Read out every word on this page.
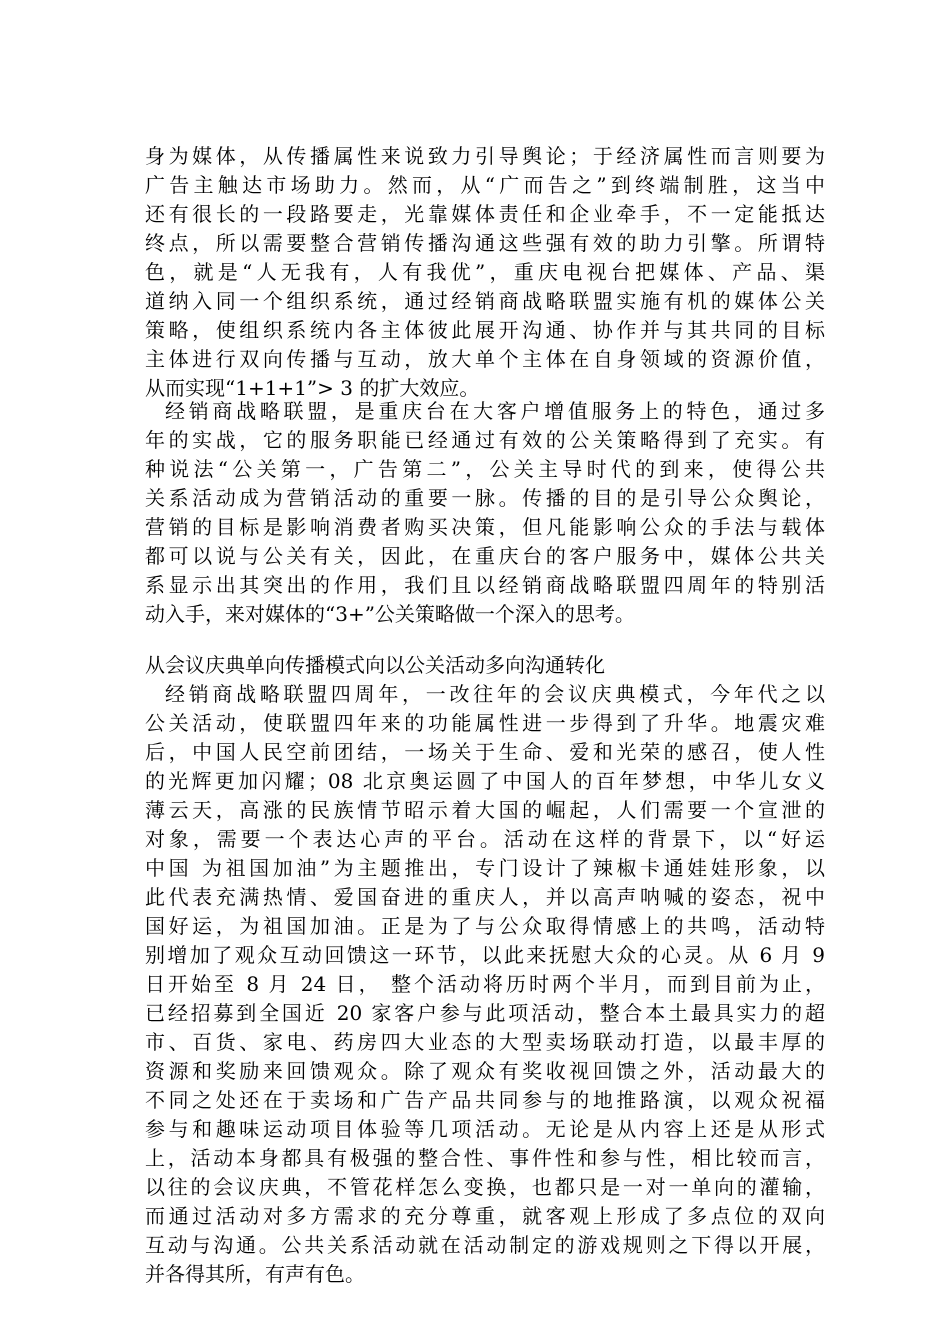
身为媒体，从传播属性来说致力引导舆论；于经济属性而言则要为
广告主触达市场助力。然而，从“广而告之”到终端制胜，这当中
还有很长的一段路要走，光靠媒体责任和企业牵手，不一定能抵达
终点，所以需要整合营销传播沟通这些强有效的助力引擎。所谓特
色，就是“人无我有，人有我优”，重庆电视台把媒体、产品、渠
道纳入同一个组织系统，通过经销商战略联盟实施有机的媒体公关
策略，使组织系统内各主体彼此展开沟通、协作并与其共同的目标
主体进行双向传播与互动，放大单个主体在自身领域的资源价值，
从而实现“1+1+1”> 3 的扩大效应。
经销商战略联盟，是重庆台在大客户增值服务上的特色，通过多
年的实战，它的服务职能已经通过有效的公关策略得到了充实。有
种说法“公关第一，广告第二”，公关主导时代的到来，使得公共
关系活动成为营销活动的重要一脉。传播的目的是引导公众舆论，
营销的目标是影响消费者购买决策，但凡能影响公众的手法与载体
都可以说与公关有关，因此，在重庆台的客户服务中，媒体公共关
系显示出其突出的作用，我们且以经销商战略联盟四周年的特别活
动入手，来对媒体的“3+”公关策略做一个深入的思考。
从会议庆典单向传播模式向以公关活动多向沟通转化
经销商战略联盟四周年，一改往年的会议庆典模式，今年代之以
公关活动，使联盟四年来的功能属性进一步得到了升华。地震灾难
后，中国人民空前团结，一场关于生命、爱和光荣的感召，使人性
的光辉更加闪耀；08 北京奥运圆了中国人的百年梦想，中华儿女义
薄云天，高涨的民族情节昭示着大国的崛起，人们需要一个宣泄的
对象，需要一个表达心声的平台。活动在这样的背景下，以“好运
中国 为祖国加油”为主题推出，专门设计了辣椒卡通娃娃形象，以
此代表充满热情、爱国奋进的重庆人，并以高声呐喊的姿态，祝中
国好运，为祖国加油。正是为了与公众取得情感上的共鸣，活动特
别增加了观众互动回馈这一环节，以此来抚慰大众的心灵。从 6 月 9
日开始至 8 月 24 日， 整个活动将历时两个半月，而到目前为止，
已经招募到全国近 20 家客户参与此项活动，整合本土最具实力的超
市、百货、家电、药房四大业态的大型卖场联动打造，以最丰厚的
资源和奖励来回馈观众。除了观众有奖收视回馈之外，活动最大的
不同之处还在于卖场和广告产品共同参与的地推路演，以观众祝福
参与和趣味运动项目体验等几项活动。无论是从内容上还是从形式
上，活动本身都具有极强的整合性、事件性和参与性，相比较而言，
以往的会议庆典，不管花样怎么变换，也都只是一对一单向的灌输，
而通过活动对多方需求的充分尊重，就客观上形成了多点位的双向
互动与沟通。公共关系活动就在活动制定的游戏规则之下得以开展，
并各得其所，有声有色。
